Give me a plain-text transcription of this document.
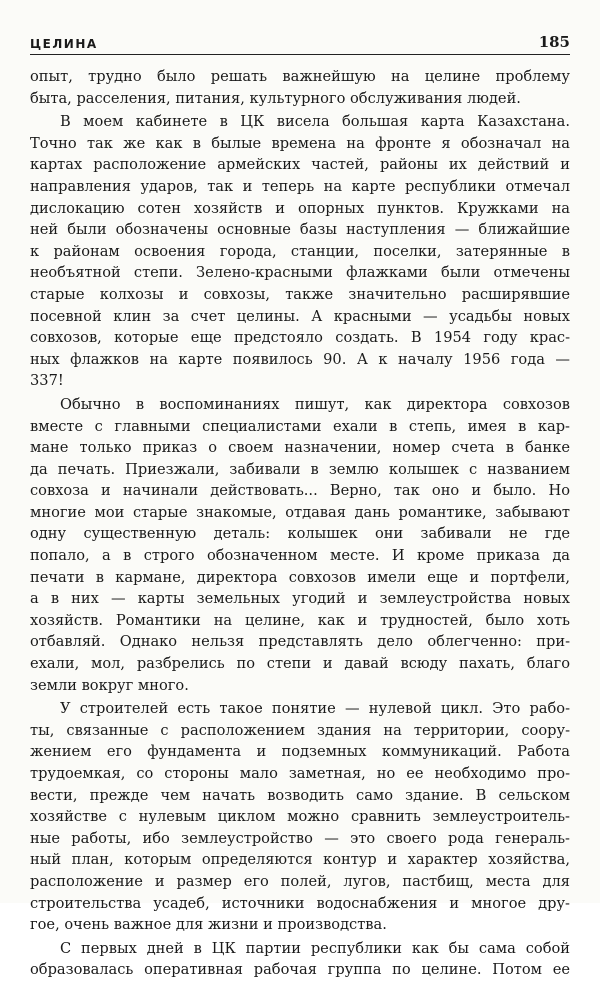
ЦЕЛИНА	185

опыт, трудно было решать важнейшую на целине проблему
быта, расселения, питания, культурного обслуживания людей.

В моем кабинете в ЦК висела большая карта Казахстана.
Точно так же как в былые времена на фронте я обозначал на
картах расположение армейских частей, районы их действий и
направления ударов, так и теперь на карте республики отмечал
дислокацию сотен хозяйств и опорных пунктов. Кружками на
ней были обозначены основные базы наступления — ближайшие
к районам освоения города, станции, поселки, затерянные в
необъятной степи. Зелено-красными флажками были отмечены
старые колхозы и совхозы, также значительно расширявшие
посевной клин за счет целины. А красными — усадьбы новых
совхозов, которые еще предстояло создать. В 1954 году крас-
ных флажков на карте появилось 90. А к началу 1956 года —
337!

Обычно в воспоминаниях пишут, как директора совхозов
вместе с главными специалистами ехали в степь, имея в кар-
мане только приказ о своем назначении, номер счета в банке
да печать. Приезжали, забивали в землю колышек с названием
совхоза и начинали действовать... Верно, так оно и было. Но
многие мои старые знакомые, отдавая дань романтике, забывают
одну существенную деталь: колышек они забивали не где
попало, а в строго обозначенном месте. И кроме приказа да
печати в кармане, директора совхозов имели еще и портфели,
а в них — карты земельных угодий и землеустройства новых
хозяйств. Романтики на целине, как и трудностей, было хоть
отбавляй. Однако нельзя представлять дело облегченно: при-
ехали, мол, разбрелись по степи и давай всюду пахать, благо
земли вокруг много.

У строителей есть такое понятие — нулевой цикл. Это рабо-
ты, связанные с расположением здания на территории, соору-
жением его фундамента и подземных коммуникаций. Работа
трудоемкая, со стороны мало заметная, но ее необходимо про-
вести, прежде чем начать возводить само здание. В сельском
хозяйстве с нулевым циклом можно сравнить землеустроитель-
ные работы, ибо землеустройство — это своего рода генераль-
ный план, которым определяются контур и характер хозяйства,
расположение и размер его полей, лугов, пастбищ, места для
строительства усадеб, источники водоснабжения и многое дру-
гое, очень важное для жизни и производства.

С первых дней в ЦК партии республики как бы сама собой
образовалась оперативная рабочая группа по целине. Потом ее
